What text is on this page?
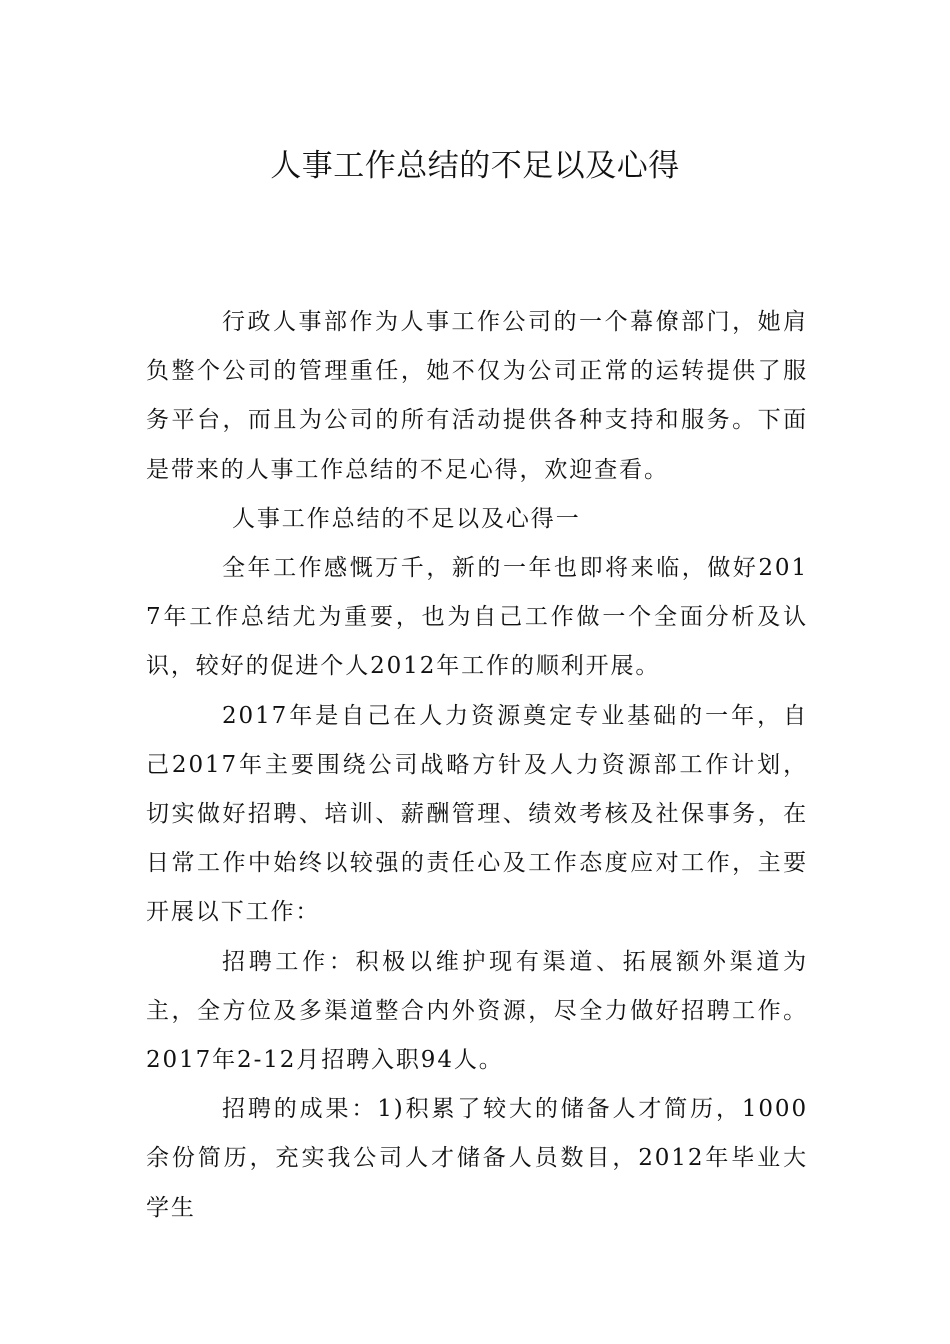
人事工作总结的不足以及心得

行政人事部作为人事工作公司的一个幕僚部门，她肩负整个公司的管理重任，她不仅为公司正常的运转提供了服务平台，而且为公司的所有活动提供各种支持和服务。下面是带来的人事工作总结的不足心得，欢迎查看。

人事工作总结的不足以及心得一

全年工作感慨万千，新的一年也即将来临，做好2017年工作总结尤为重要，也为自己工作做一个全面分析及认识，较好的促进个人2012年工作的顺利开展。

2017年是自己在人力资源奠定专业基础的一年，自己2017年主要围绕公司战略方针及人力资源部工作计划，切实做好招聘、培训、薪酬管理、绩效考核及社保事务，在日常工作中始终以较强的责任心及工作态度应对工作，主要开展以下工作：

招聘工作：积极以维护现有渠道、拓展额外渠道为主，全方位及多渠道整合内外资源，尽全力做好招聘工作。2017年2-12月招聘入职94人。

招聘的成果：1)积累了较大的储备人才简历，1000余份简历，充实我公司人才储备人员数目，2012年毕业大学生
